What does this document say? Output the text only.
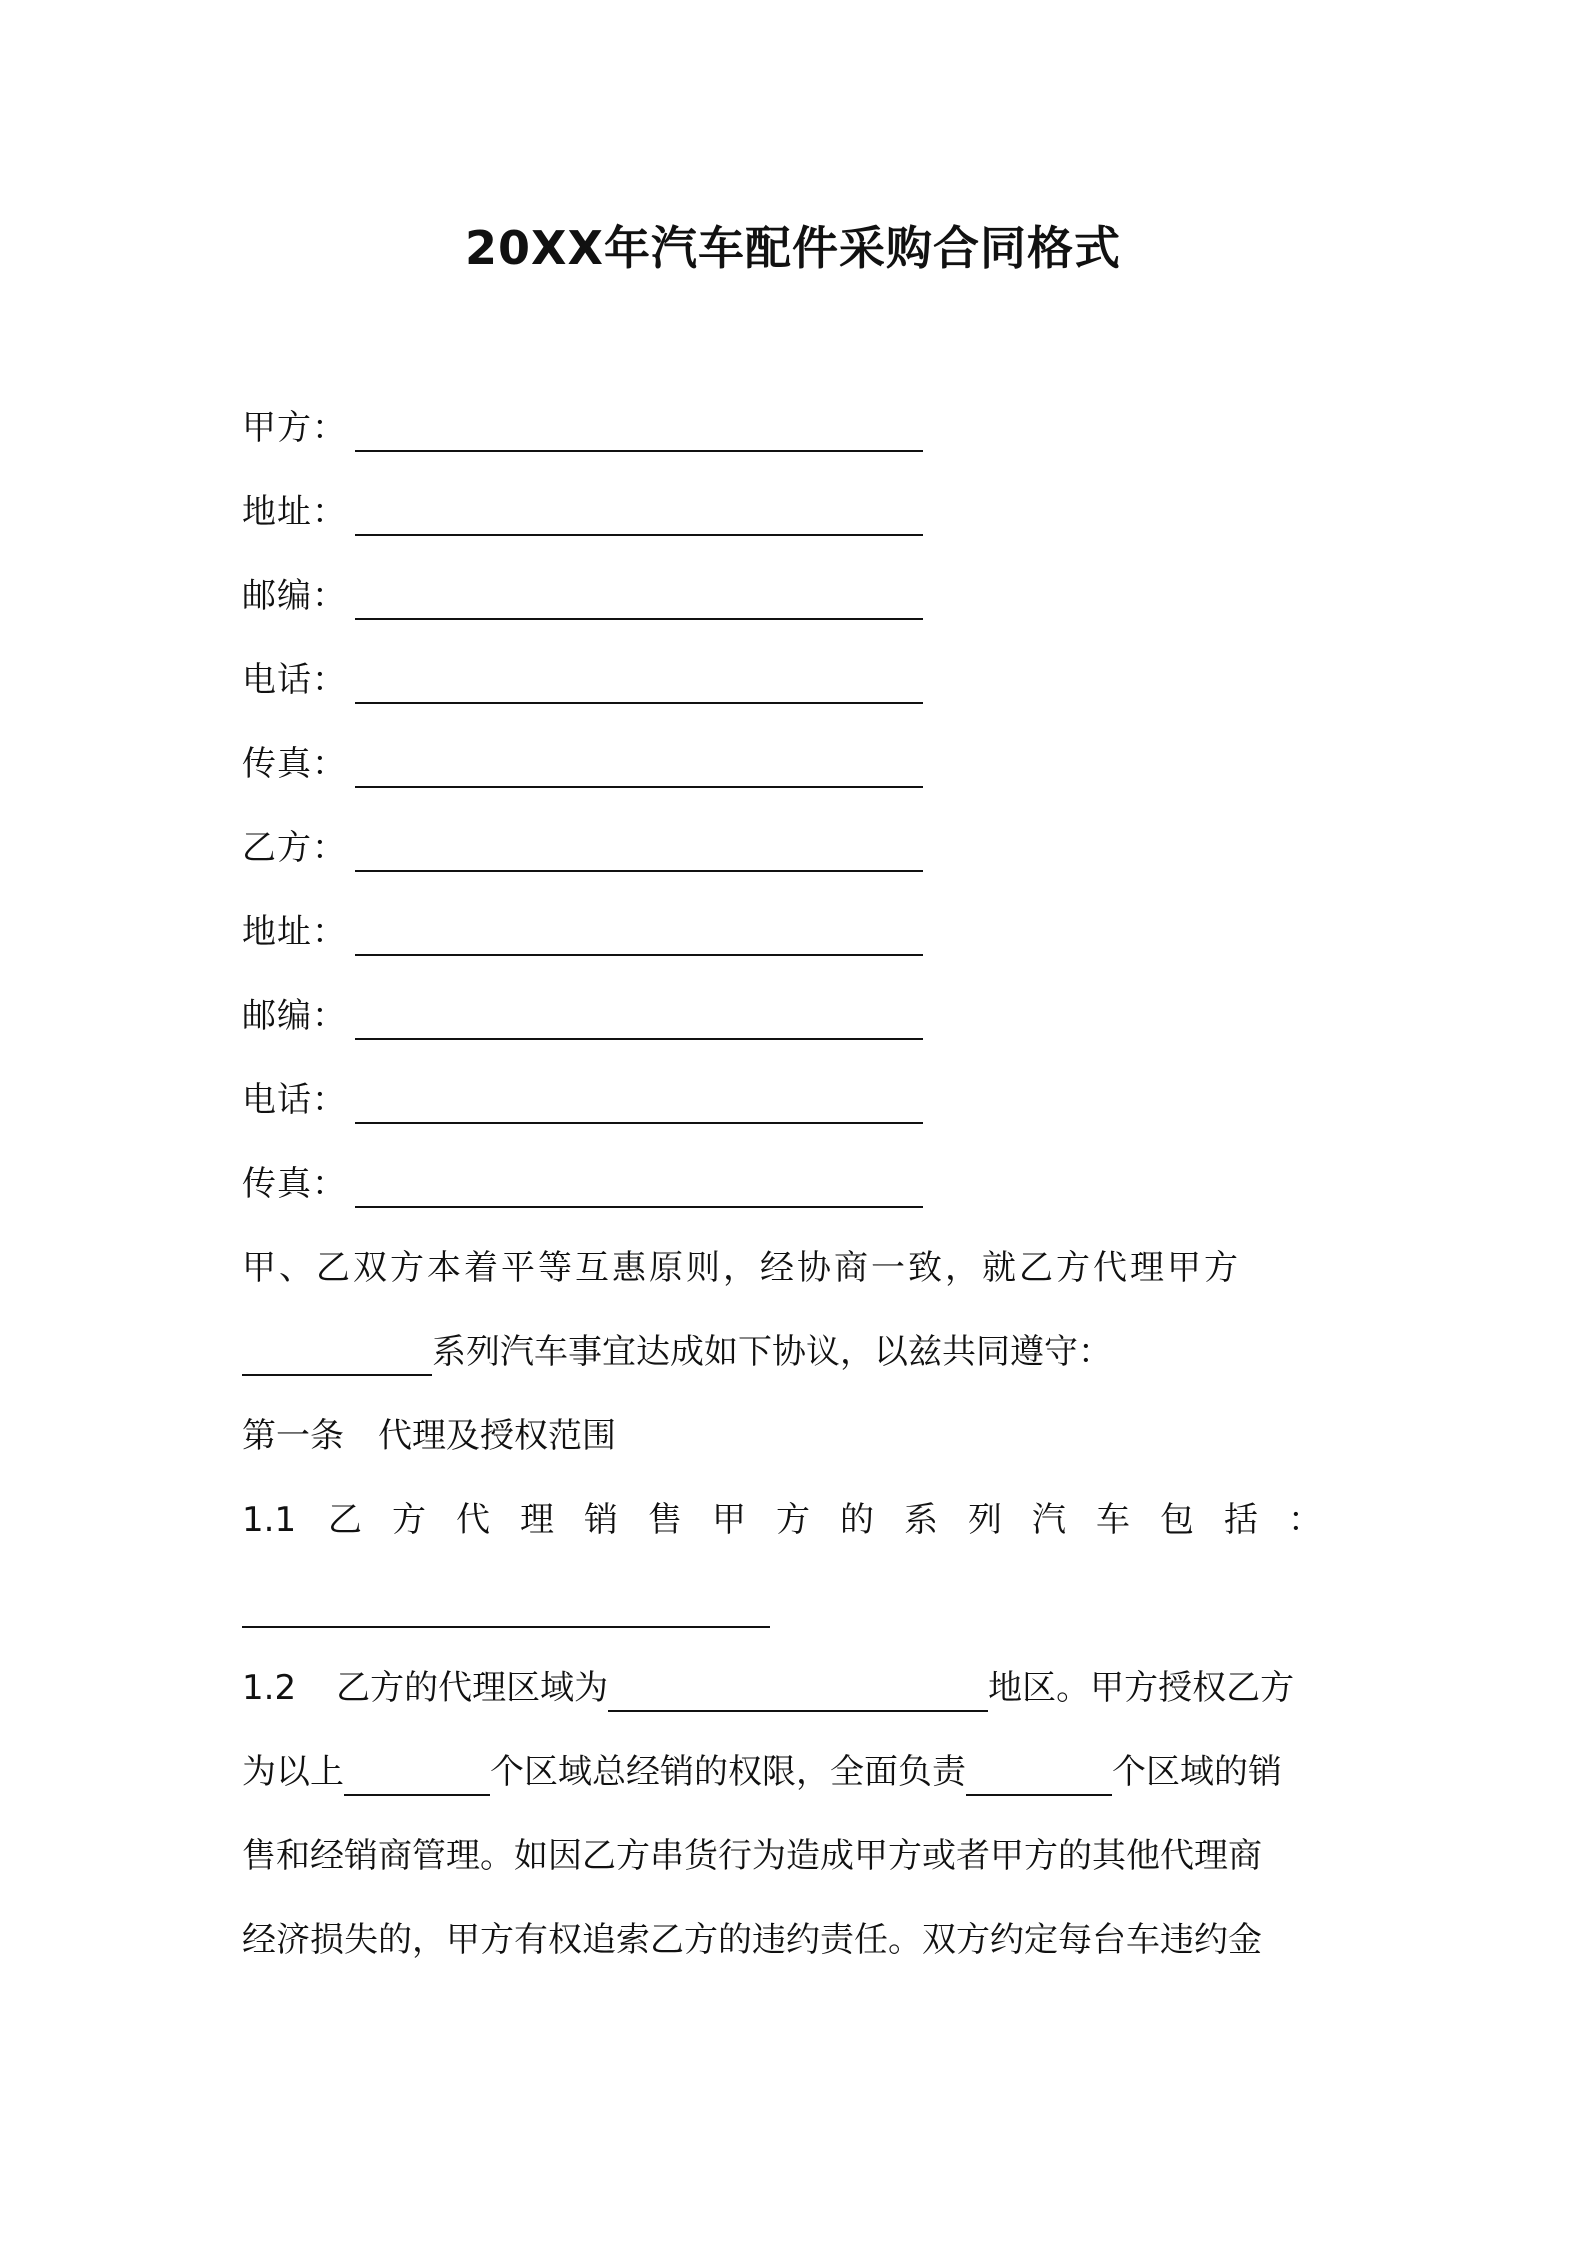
20XX年汽车配件采购合同格式
甲方：
地址：
邮编：
电话：
传真：
乙方：
地址：
邮编：
电话：
传真：
甲、乙双方本着平等互惠原则，经协商一致，就乙方代理甲方
系列汽车事宜达成如下协议，以兹共同遵守：
第一条　代理及授权范围
1.1 乙方代理销售甲方的系列汽车包括：
1.2 乙方的代理区域为	地区。甲方授权乙方
为以上	个区域总经销的权限，全面负责	个区域的销
售和经销商管理。如因乙方串货行为造成甲方或者甲方的其他代理商
经济损失的，甲方有权追索乙方的违约责任。双方约定每台车违约金
